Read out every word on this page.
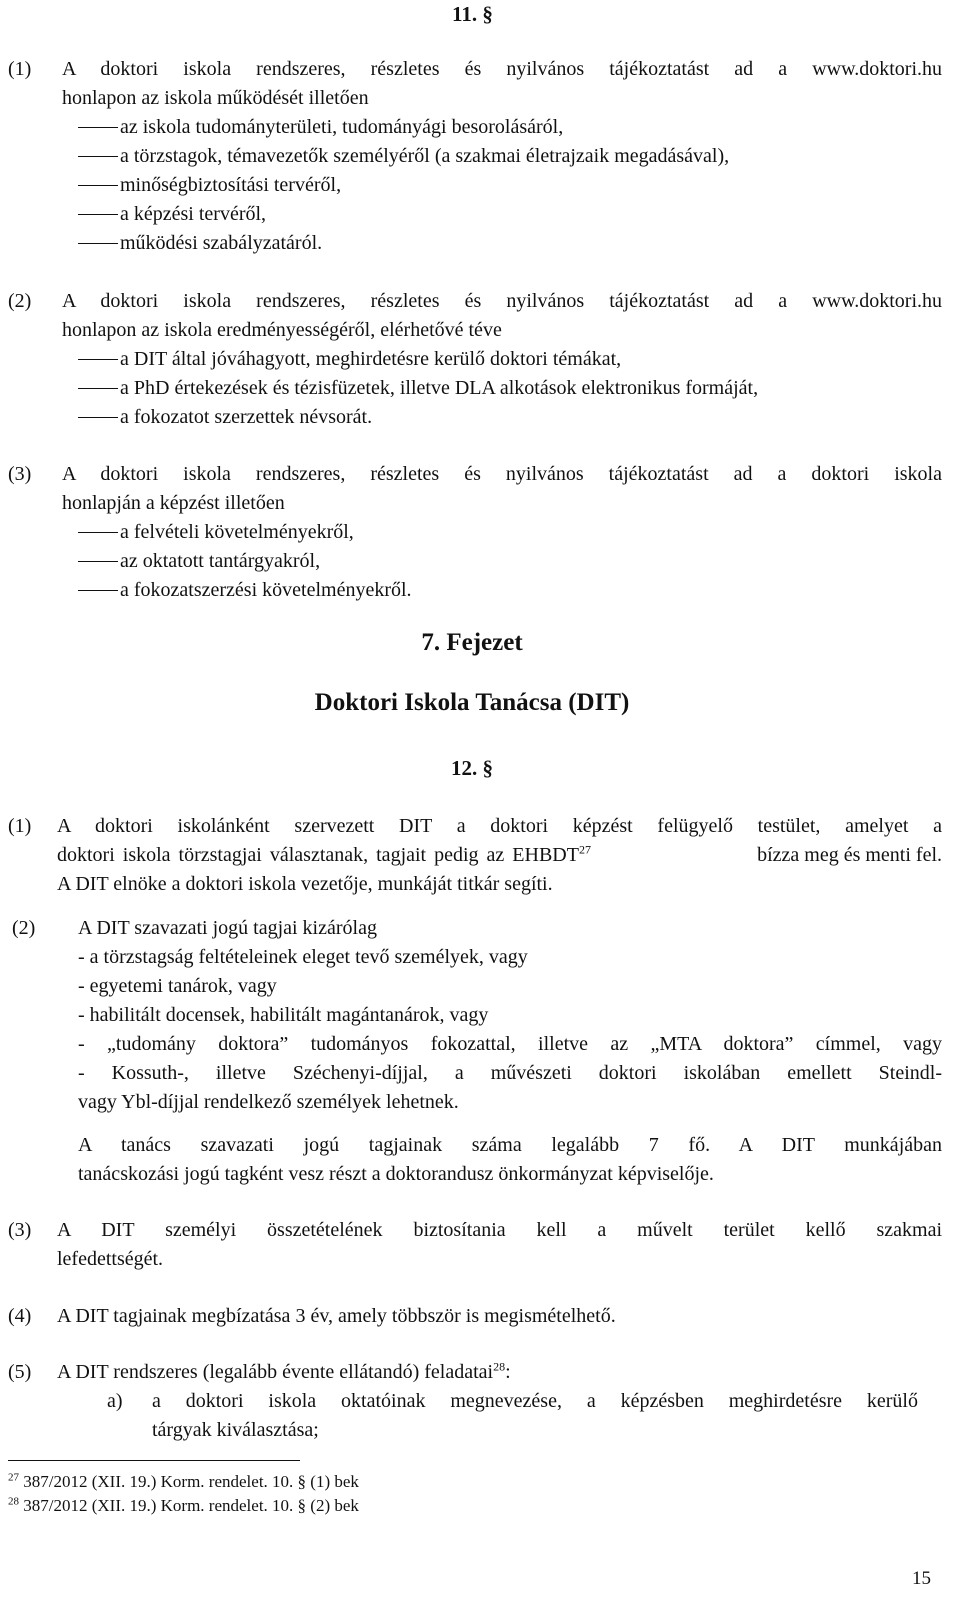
11. §
(1) A doktori iskola rendszeres, részletes és nyilvános tájékoztatást ad a www.doktori.hu
honlapon az iskola működését illetően
az iskola tudományterületi, tudományági besorolásáról,
a törzstagok, témavezetők személyéről (a szakmai életrajzaik megadásával),
minőségbiztosítási tervéről,
a képzési tervéről,
működési szabályzatáról.
(2) A doktori iskola rendszeres, részletes és nyilvános tájékoztatást ad a www.doktori.hu
honlapon az iskola eredményességéről, elérhetővé téve
a DIT által jóváhagyott, meghirdetésre kerülő doktori témákat,
a PhD értekezések és tézisfüzetek, illetve DLA alkotások elektronikus formáját,
a fokozatot szerzettek névsorát.
(3) A doktori iskola rendszeres, részletes és nyilvános tájékoztatást ad a doktori iskola
honlapján a képzést illetően
a felvételi követelményekről,
az oktatott tantárgyakról,
a fokozatszerzési követelményekről.
7. Fejezet
Doktori Iskola Tanácsa (DIT)
12. §
(1) A doktori iskolánként szervezett DIT a doktori képzést felügyelő testület, amelyet a
doktori iskola törzstagjai választanak, tagjait pedig az EHBDT$^{27}$	bízza meg és menti fel.
A DIT elnöke a doktori iskola vezetője, munkáját titkár segíti.
(2) A DIT szavazati jogú tagjai kizárólag
- a törzstagság feltételeinek eleget tevő személyek, vagy
- egyetemi tanárok, vagy
- habilitált docensek, habilitált magántanárok, vagy
- „tudomány doktora” tudományos fokozattal, illetve az „MTA doktora” címmel, vagy
- Kossuth-, illetve Széchenyi-díjjal, a művészeti doktori iskolában emellett Steindl-
vagy Ybl-díjjal rendelkező személyek lehetnek.
A tanács szavazati jogú tagjainak száma legalább 7 fő. A DIT munkájában
tanácskozási jogú tagként vesz részt a doktorandusz önkormányzat képviselője.
(3) A DIT személyi összetételének biztosítania kell a művelt terület kellő szakmai
lefedettségét.
(4) A DIT tagjainak megbízatása 3 év, amely többször is megismételhető.
(5) A DIT rendszeres (legalább évente ellátandó) feladatai$^{28}$:
a) a doktori iskola oktatóinak megnevezése, a képzésben meghirdetésre kerülő
tárgyak kiválasztása;
$^{27}$ 387/2012 (XII. 19.) Korm. rendelet. 10. § (1) bek
$^{28}$ 387/2012 (XII. 19.) Korm. rendelet. 10. § (2) bek
15
